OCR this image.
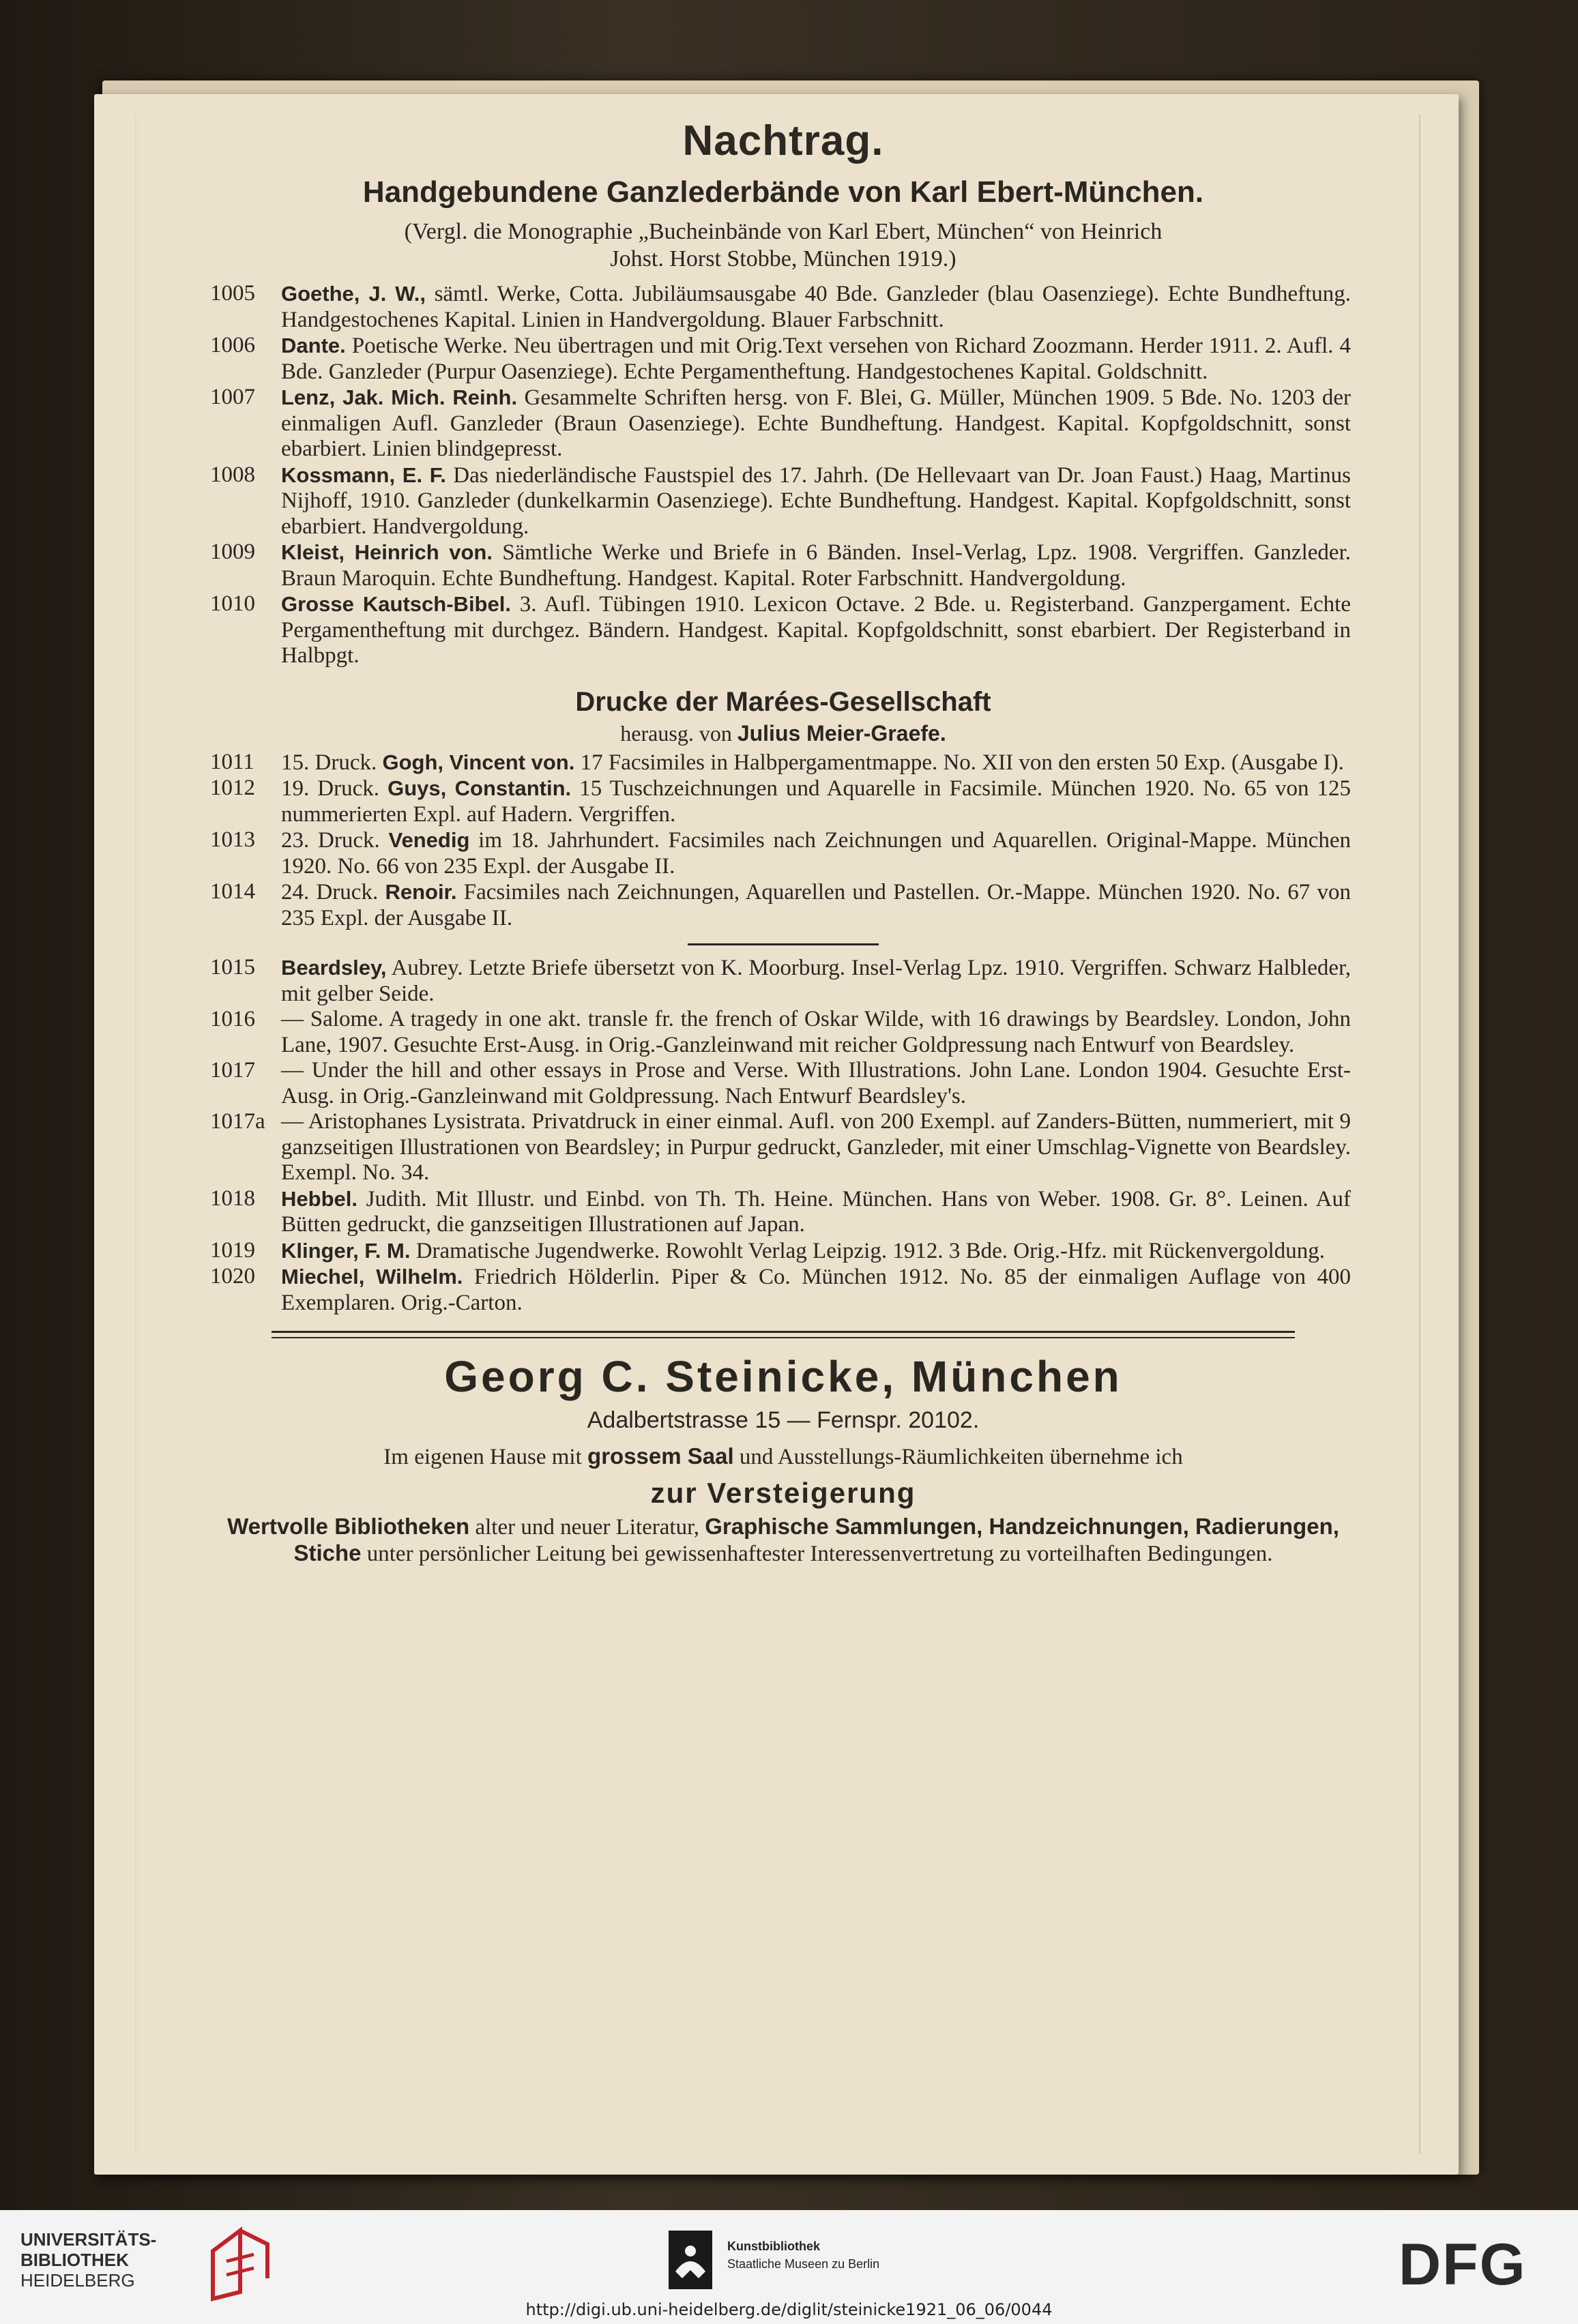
Nachtrag.
Handgebundene Ganzlederbände von Karl Ebert-München.
(Vergl. die Monographie „Bucheinbände von Karl Ebert, München“ von Heinrich
Johst. Horst Stobbe, München 1919.)
1005	Goethe, J. W., sämtl. Werke, Cotta. Jubiläumsausgabe 40 Bde. Ganzleder (blau Oasenziege). Echte Bundheftung. Handgestochenes Kapital. Linien in Handvergoldung. Blauer Farbschnitt.
1006	Dante. Poetische Werke. Neu übertragen und mit Orig.Text versehen von Richard Zoozmann. Herder 1911. 2. Aufl. 4 Bde. Ganzleder (Purpur Oasenziege). Echte Pergamentheftung. Handgestochenes Kapital. Goldschnitt.
1007	Lenz, Jak. Mich. Reinh. Gesammelte Schriften hersg. von F. Blei, G. Müller, München 1909. 5 Bde. No. 1203 der einmaligen Aufl. Ganzleder (Braun Oasenziege). Echte Bundheftung. Handgest. Kapital. Kopfgoldschnitt, sonst ebarbiert. Linien blindgepresst.
1008	Kossmann, E. F. Das niederländische Faustspiel des 17. Jahrh. (De Hellevaart van Dr. Joan Faust.) Haag, Martinus Nijhoff, 1910. Ganzleder (dunkelkarmin Oasenziege). Echte Bundheftung. Handgest. Kapital. Kopfgoldschnitt, sonst ebarbiert. Handvergoldung.
1009	Kleist, Heinrich von. Sämtliche Werke und Briefe in 6 Bänden. Insel-Verlag, Lpz. 1908. Vergriffen. Ganzleder. Braun Maroquin. Echte Bundheftung. Handgest. Kapital. Roter Farbschnitt. Handvergoldung.
1010	Grosse Kautsch-Bibel. 3. Aufl. Tübingen 1910. Lexicon Octave. 2 Bde. u. Registerband. Ganzpergament. Echte Pergamentheftung mit durchgez. Bändern. Handgest. Kapital. Kopfgoldschnitt, sonst ebarbiert. Der Registerband in Halbpgt.
Drucke der Marées-Gesellschaft
herausg. von Julius Meier-Graefe.
1011	15. Druck. Gogh, Vincent von. 17 Facsimiles in Halbpergamentmappe. No. XII von den ersten 50 Exp. (Ausgabe I).
1012	19. Druck. Guys, Constantin. 15 Tuschzeichnungen und Aquarelle in Facsimile. München 1920. No. 65 von 125 nummerierten Expl. auf Hadern. Vergriffen.
1013	23. Druck. Venedig im 18. Jahrhundert. Facsimiles nach Zeichnungen und Aquarellen. Original-Mappe. München 1920. No. 66 von 235 Expl. der Ausgabe II.
1014	24. Druck. Renoir. Facsimiles nach Zeichnungen, Aquarellen und Pastellen. Or.-Mappe. München 1920. No. 67 von 235 Expl. der Ausgabe II.
1015	Beardsley, Aubrey. Letzte Briefe übersetzt von K. Moorburg. Insel-Verlag Lpz. 1910. Vergriffen. Schwarz Halbleder, mit gelber Seide.
1016	— Salome. A tragedy in one akt. transle fr. the french of Oskar Wilde, with 16 drawings by Beardsley. London, John Lane, 1907. Gesuchte Erst-Ausg. in Orig.-Ganzleinwand mit reicher Goldpressung nach Entwurf von Beardsley.
1017	— Under the hill and other essays in Prose and Verse. With Illustrations. John Lane. London 1904. Gesuchte Erst-Ausg. in Orig.-Ganzleinwand mit Goldpressung. Nach Entwurf Beardsley's.
1017a — Aristophanes Lysistrata. Privatdruck in einer einmal. Aufl. von 200 Exempl. auf Zanders-Bütten, nummeriert, mit 9 ganzseitigen Illustrationen von Beardsley; in Purpur gedruckt, Ganzleder, mit einer Umschlag-Vignette von Beardsley. Exempl. No. 34.
1018	Hebbel. Judith. Mit Illustr. und Einbd. von Th. Th. Heine. München. Hans von Weber. 1908. Gr. 8°. Leinen. Auf Bütten gedruckt, die ganzseitigen Illustrationen auf Japan.
1019	Klinger, F. M. Dramatische Jugendwerke. Rowohlt Verlag Leipzig. 1912. 3 Bde. Orig.-Hfz. mit Rückenvergoldung.
1020	Miechel, Wilhelm. Friedrich Hölderlin. Piper & Co. München 1912. No. 85 der einmaligen Auflage von 400 Exemplaren. Orig.-Carton.
Georg C. Steinicke, München
Adalbertstrasse 15 — Fernspr. 20102.
Im eigenen Hause mit grossem Saal und Ausstellungs-Räumlichkeiten übernehme ich
zur Versteigerung
Wertvolle Bibliotheken alter und neuer Literatur, Graphische Sammlungen, Handzeichnungen, Radierungen, Stiche unter persönlicher Leitung bei gewissenhaftester Interessenvertretung zu vorteilhaften Bedingungen.
UNIVERSITÄTS-
BIBLIOTHEK
HEIDELBERG
Kunstbibliothek
Staatliche Museen zu Berlin	DFG
http://digi.ub.uni-heidelberg.de/diglit/steinicke1921_06_06/0044
